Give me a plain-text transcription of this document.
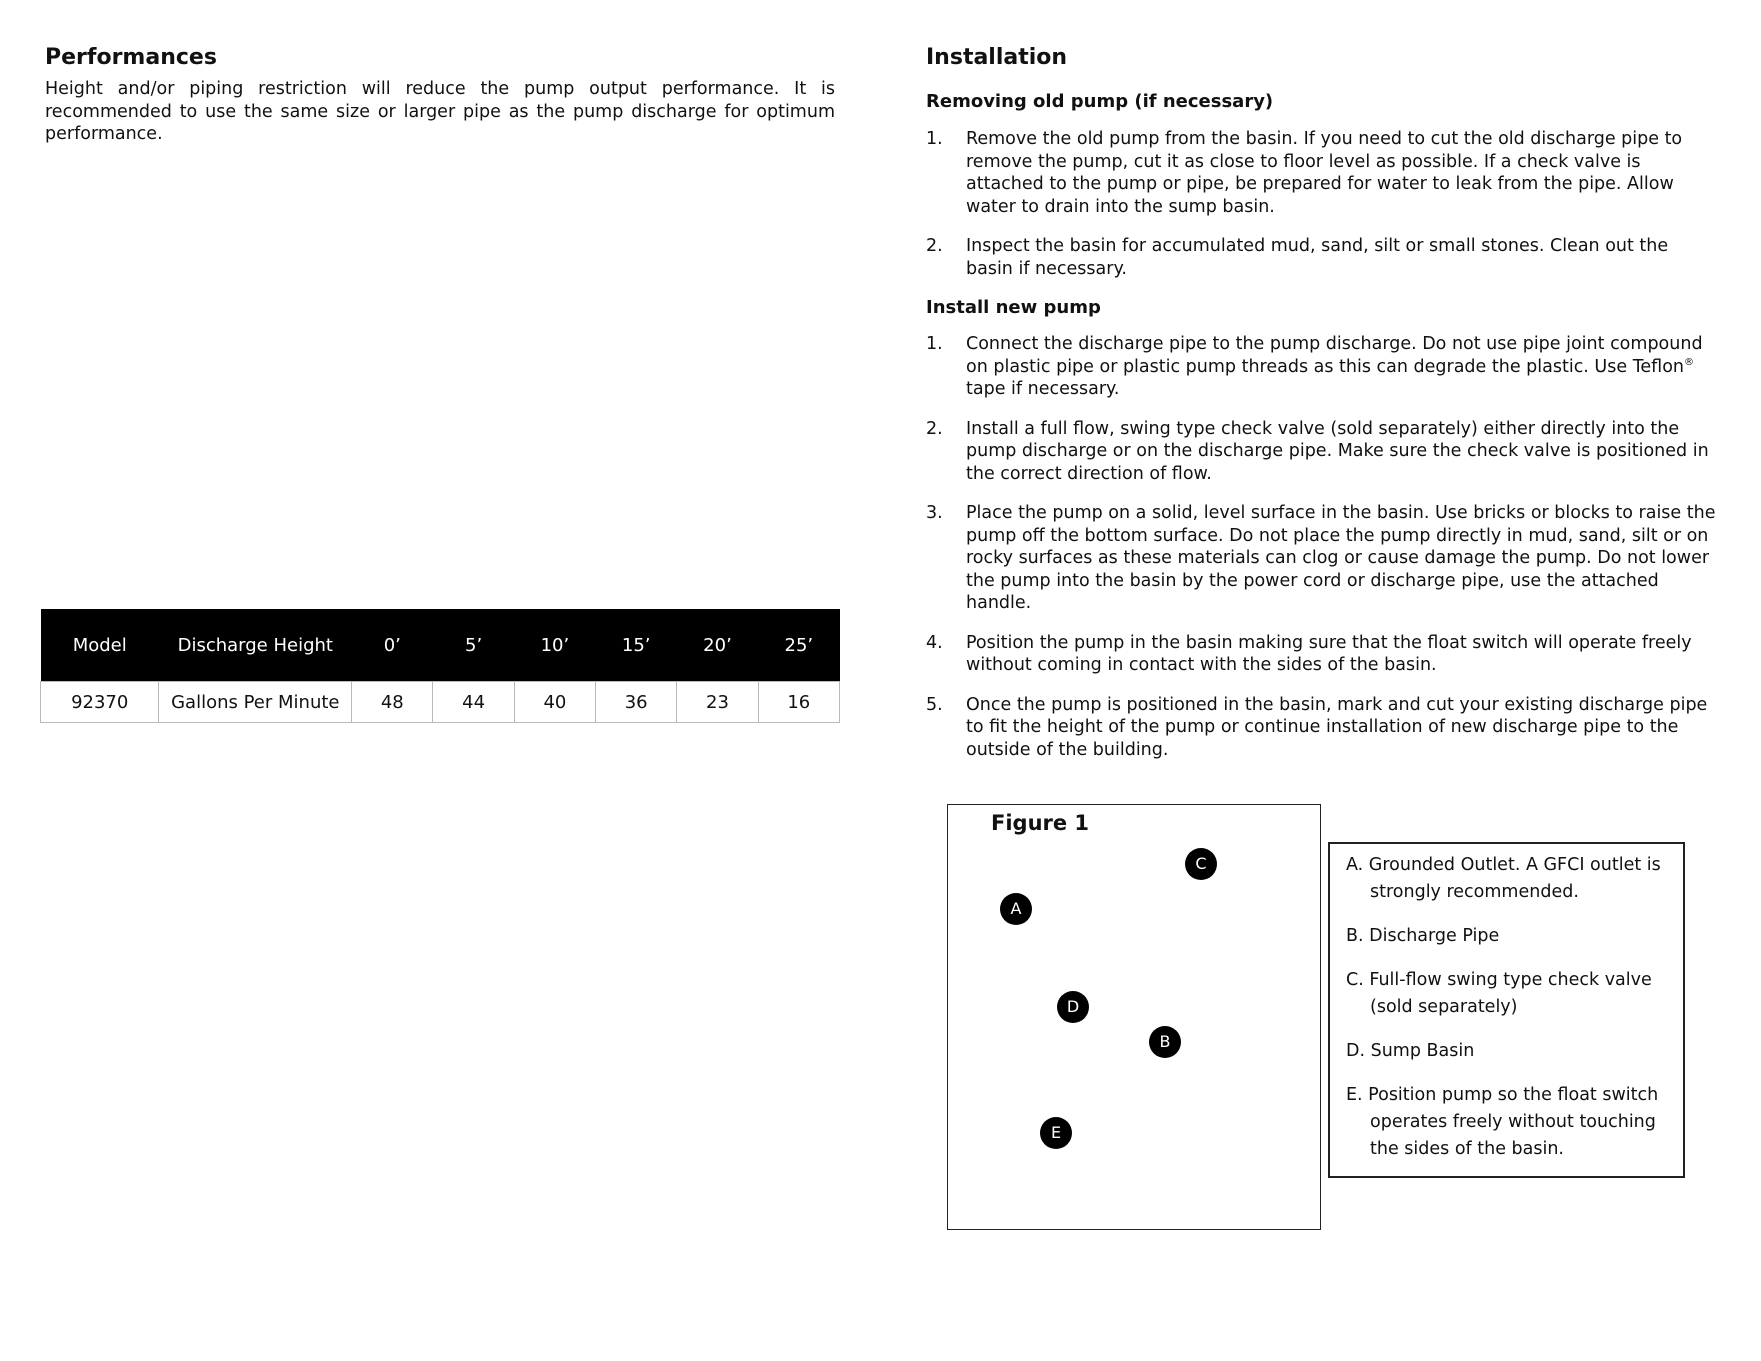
Performances
Height and/or piping restriction will reduce the pump output performance. It is recommended to use the same size or larger pipe as the pump discharge for optimum performance.
Model	Discharge Height	0’	5’	10’	15’	20’	25’
92370	Gallons Per Minute	48	44	40	36	23	16
Installation
Removing old pump (if necessary)
1. Remove the old pump from the basin. If you need to cut the old discharge pipe to remove the pump, cut it as close to floor level as possible. If a check valve is attached to the pump or pipe, be prepared for water to leak from the pipe. Allow water to drain into the sump basin.
2. Inspect the basin for accumulated mud, sand, silt or small stones. Clean out the basin if necessary.
Install new pump
1. Connect the discharge pipe to the pump discharge. Do not use pipe joint compound on plastic pipe or plastic pump threads as this can degrade the plastic. Use Teflon® tape if necessary.
2. Install a full flow, swing type check valve (sold separately) either directly into the pump discharge or on the discharge pipe. Make sure the check valve is positioned in the correct direction of flow.
3. Place the pump on a solid, level surface in the basin. Use bricks or blocks to raise the pump off the bottom surface. Do not place the pump directly in mud, sand, silt or on rocky surfaces as these materials can clog or cause damage the pump. Do not lower the pump into the basin by the power cord or discharge pipe, use the attached handle.
4. Position the pump in the basin making sure that the float switch will operate freely without coming in contact with the sides of the basin.
5. Once the pump is positioned in the basin, mark and cut your existing discharge pipe to fit the height of the pump or continue installation of new discharge pipe to the outside of the building.
Figure 1
C
A
D
B
E
A. Grounded Outlet. A GFCI outlet is strongly recommended.
B. Discharge Pipe
C. Full-flow swing type check valve (sold separately)
D. Sump Basin
E. Position pump so the float switch operates freely without touching the sides of the basin.
